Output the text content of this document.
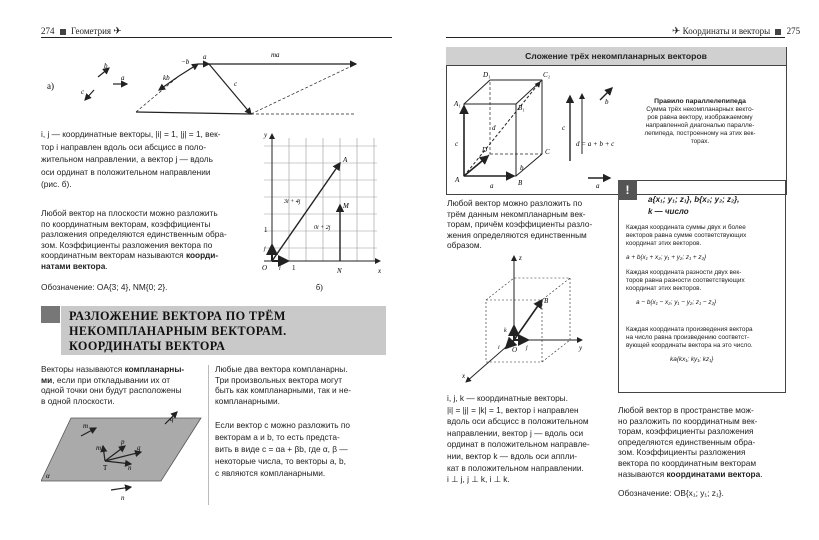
274 Геометрия ✈	✈ Координаты и векторы 275
а)
b
c
a	kb
−b
a	ma
c
i, j — координатные векторы, |i| = 1, |j| = 1, век-
тор i направлен вдоль оси абсцисс в поло-
жительном направлении, а вектор j — вдоль
оси ординат в положительном направлении
(рис. б).
Любой вектор на плоскости можно разложить
по координатным векторам, коэффициенты
разложения определяются единственным обра-
зом. Коэффициенты разложения вектора по
координатным векторам называются коорди-
натами вектора.
Обозначение: OA{3; 4}, NM{0; 2}.
y
x
O
A
M
N
1
1
i
j
3i + 4j
0i + 2j
б)
РАЗЛОЖЕНИЕ ВЕКТОРА ПО ТРЁМ
НЕКОМПЛАНАРНЫМ ВЕКТОРАМ.
КООРДИНАТЫ ВЕКТОРА
Векторы называются компланарны-
ми, если при откладывании их от
одной точки они будут расположены
в одной плоскости.
m
q
m
p
q
n
T
α
n
Любые два вектора компланарны.
Три произвольных вектора могут
быть как компланарными, так и не-
компланарными.
Если вектор c можно разложить по
векторам a и b, то есть предста-
вить в виде c = αa + βb, где α, β —
некоторые числа, то векторы a, b,
c являются компланарными.
Сложение трёх некомпланарных векторов
D₁	C₁
A₁	B₁
D	C
A	B
a
c
d
b
c
b
a
d = a + b + c
Правило параллелепипеда
Сумма трёх некомпланарных векто-
ров равна вектору, изображаемому
направленной диагональю паралле-
лепипеда, построенному на этих век-
торах.
Любой вектор можно разложить по
трём данным некомпланарным век-
торам, причём коэффициенты разло-
жения определяются единственным
образом.
z
y
x
B
O
k
j
i
!
a{x₁; y₁; z₁}, b{x₂; y₂; z₂},
k — число
Каждая координата суммы двух и более
векторов равна сумме соответствующих
координат этих векторов.
a + b{x₁ + x₂; y₁ + y₂; z₁ + z₂}
Каждая координата разности двух век-
торов равна разности соответствующих
координат этих векторов.
a − b{x₁ − x₂; y₁ − y₂; z₁ − z₂}
Каждая координата произведения вектора
на число равна произведению соответст-
вующей координаты вектора на это число.
ka{kx₁; ky₁; kz₁}
i, j, k — координатные векторы.
|i| = |j| = |k| = 1, вектор i направлен
вдоль оси абсцисс в положительном
направлении, вектор j — вдоль оси
ординат в положительном направле-
нии, вектор k — вдоль оси аппли-
кат в положительном направлении.
i ⊥ j, j ⊥ k, i ⊥ k.
Любой вектор в пространстве мож-
но разложить по координатным век-
торам, коэффициенты разложения
определяются единственным обра-
зом. Коэффициенты разложения
вектора по координатным векторам
называются координатами вектора.
Обозначение: OB{x₁; y₁; z₁}.
